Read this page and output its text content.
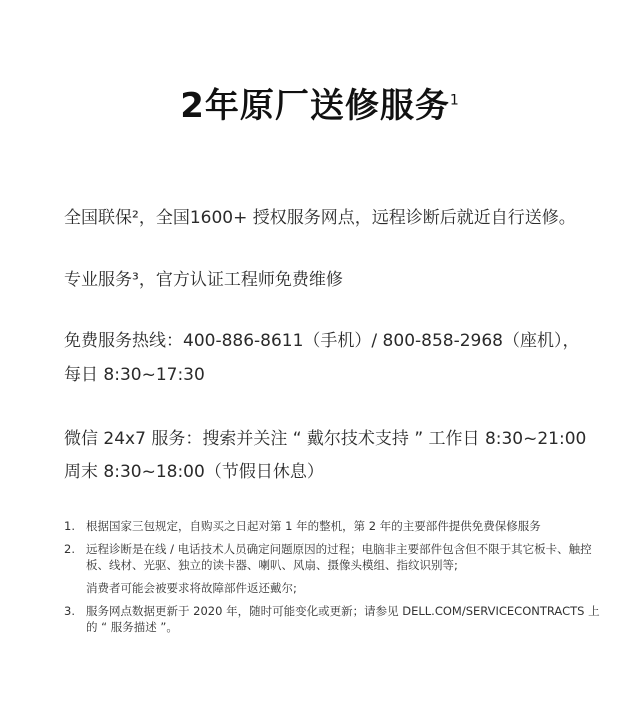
2年原厂送修服务$^1$
全国联保²，全国1600+ 授权服务网点，远程诊断后就近自行送修。
专业服务³，官方认证工程师免费维修
免费服务热线：400-886-8611（手机）/ 800-858-2968（座机），
每日 8:30~17:30
微信 24x7 服务：搜索并关注 “ 戴尔技术支持 ” 工作日 8:30~21:00
周末 8:30~18:00（节假日休息）
1. 根据国家三包规定，自购买之日起对第 1 年的整机，第 2 年的主要部件提供免费保修服务
2. 远程诊断是在线 / 电话技术人员确定问题原因的过程；电脑非主要部件包含但不限于其它板卡、触控板、线材、光驱、独立的读卡器、喇叭、风扇、摄像头模组、指纹识别等;
消费者可能会被要求将故障部件返还戴尔;
3. 服务网点数据更新于 2020 年，随时可能变化或更新；请参见 DELL.COM/SERVICECONTRACTS 上的 “ 服务描述 ”。
